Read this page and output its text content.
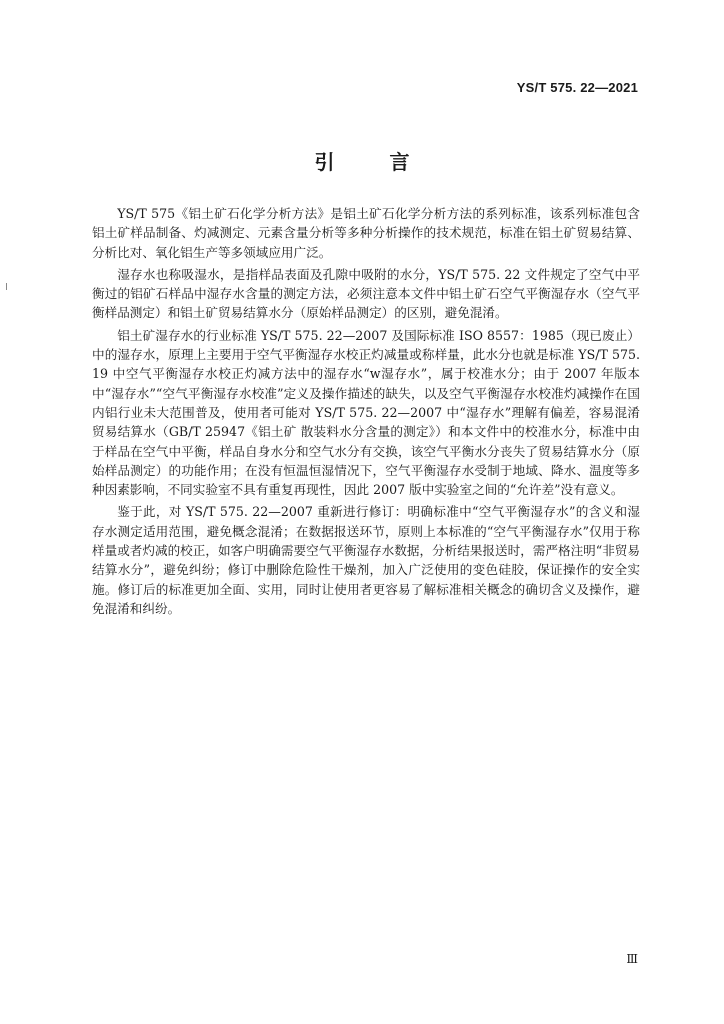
YS/T 575. 22—2021
引 言

YS/T 575《铝土矿石化学分析方法》是铝土矿石化学分析方法的系列标准，该系列标准包含铝土矿样品制备、灼减测定、元素含量分析等多种分析操作的技术规范，标准在铝土矿贸易结算、分析比对、氧化铝生产等多领域应用广泛。

湿存水也称吸湿水，是指样品表面及孔隙中吸附的水分，YS/T 575. 22 文件规定了空气中平衡过的铝矿石样品中湿存水含量的测定方法，必须注意本文件中铝土矿石空气平衡湿存水（空气平衡样品测定）和铝土矿贸易结算水分（原始样品测定）的区别，避免混淆。

铝土矿湿存水的行业标准 YS/T 575. 22—2007 及国际标准 ISO 8557：1985（现已废止）中的湿存水，原理上主要用于空气平衡湿存水校正灼减量或称样量，此水分也就是标准 YS/T 575. 19 中空气平衡湿存水校正灼减方法中的湿存水“w湿存水”，属于校准水分；由于 2007 年版本中“湿存水”“空气平衡湿存水校准”定义及操作描述的缺失，以及空气平衡湿存水校准灼减操作在国内铝行业未大范围普及，使用者可能对 YS/T 575. 22—2007 中“湿存水”理解有偏差，容易混淆贸易结算水（GB/T 25947《铝土矿 散装料水分含量的测定》）和本文件中的校准水分，标准中由于样品在空气中平衡，样品自身水分和空气水分有交换，该空气平衡水分丧失了贸易结算水分（原始样品测定）的功能作用；在没有恒温恒湿情况下，空气平衡湿存水受制于地域、降水、温度等多种因素影响，不同实验室不具有重复再现性，因此 2007 版中实验室之间的“允许差”没有意义。

鉴于此，对 YS/T 575. 22—2007 重新进行修订：明确标准中“空气平衡湿存水”的含义和湿存水测定适用范围，避免概念混淆；在数据报送环节，原则上本标准的“空气平衡湿存水”仅用于称样量或者灼减的校正，如客户明确需要空气平衡湿存水数据，分析结果报送时，需严格注明“非贸易结算水分”，避免纠纷；修订中删除危险性干燥剂，加入广泛使用的变色硅胶，保证操作的安全实施。修订后的标准更加全面、实用，同时让使用者更容易了解标准相关概念的确切含义及操作，避免混淆和纠纷。

Ⅲ
